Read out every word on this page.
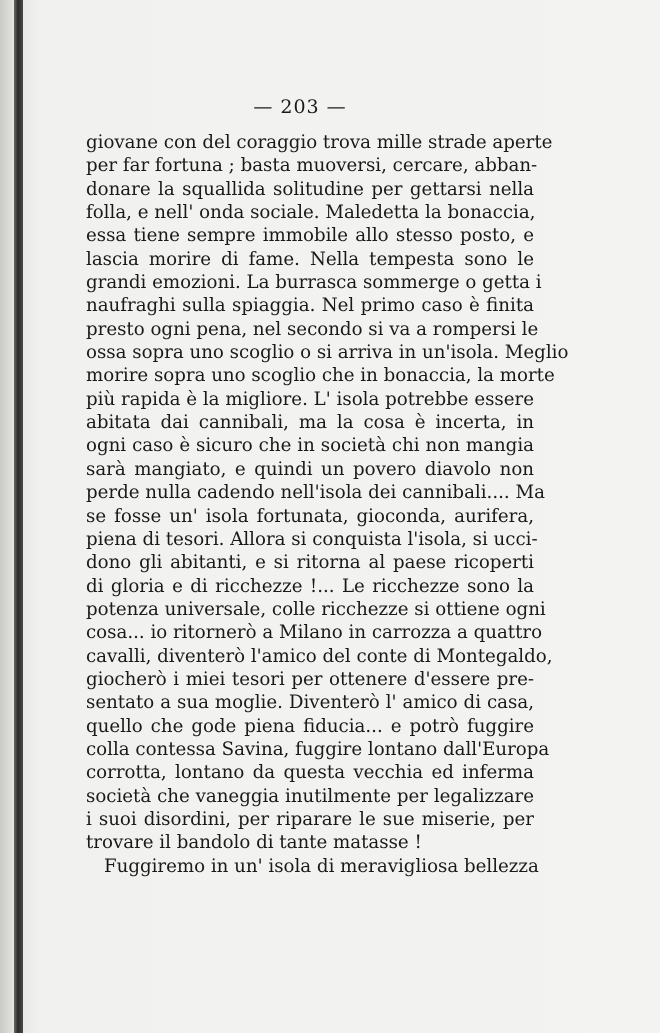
— 203 —
giovane con del coraggio trova mille strade aperte
per far fortuna ; basta muoversi, cercare, abban-
donare la squallida solitudine per gettarsi nella
folla, e nell' onda sociale. Maledetta la bonaccia,
essa tiene sempre immobile allo stesso posto, e
lascia morire di fame. Nella tempesta sono le
grandi emozioni. La burrasca sommerge o getta i
naufraghi sulla spiaggia. Nel primo caso è finita
presto ogni pena, nel secondo si va a rompersi le
ossa sopra uno scoglio o si arriva in un'isola. Meglio
morire sopra uno scoglio che in bonaccia, la morte
più rapida è la migliore. L' isola potrebbe essere
abitata dai cannibali, ma la cosa è incerta, in
ogni caso è sicuro che in società chi non mangia
sarà mangiato, e quindi un povero diavolo non
perde nulla cadendo nell'isola dei cannibali.... Ma
se fosse un' isola fortunata, gioconda, aurifera,
piena di tesori. Allora si conquista l'isola, si ucci-
dono gli abitanti, e si ritorna al paese ricoperti
di gloria e di ricchezze !... Le ricchezze sono la
potenza universale, colle ricchezze si ottiene ogni
cosa... io ritornerò a Milano in carrozza a quattro
cavalli, diventerò l'amico del conte di Montegaldo,
giocherò i miei tesori per ottenere d'essere pre-
sentato a sua moglie. Diventerò l' amico di casa,
quello che gode piena fiducia... e potrò fuggire
colla contessa Savina, fuggire lontano dall'Europa
corrotta, lontano da questa vecchia ed inferma
società che vaneggia inutilmente per legalizzare
i suoi disordini, per riparare le sue miserie, per
trovare il bandolo di tante matasse !
Fuggiremo in un' isola di meravigliosa bellezza
